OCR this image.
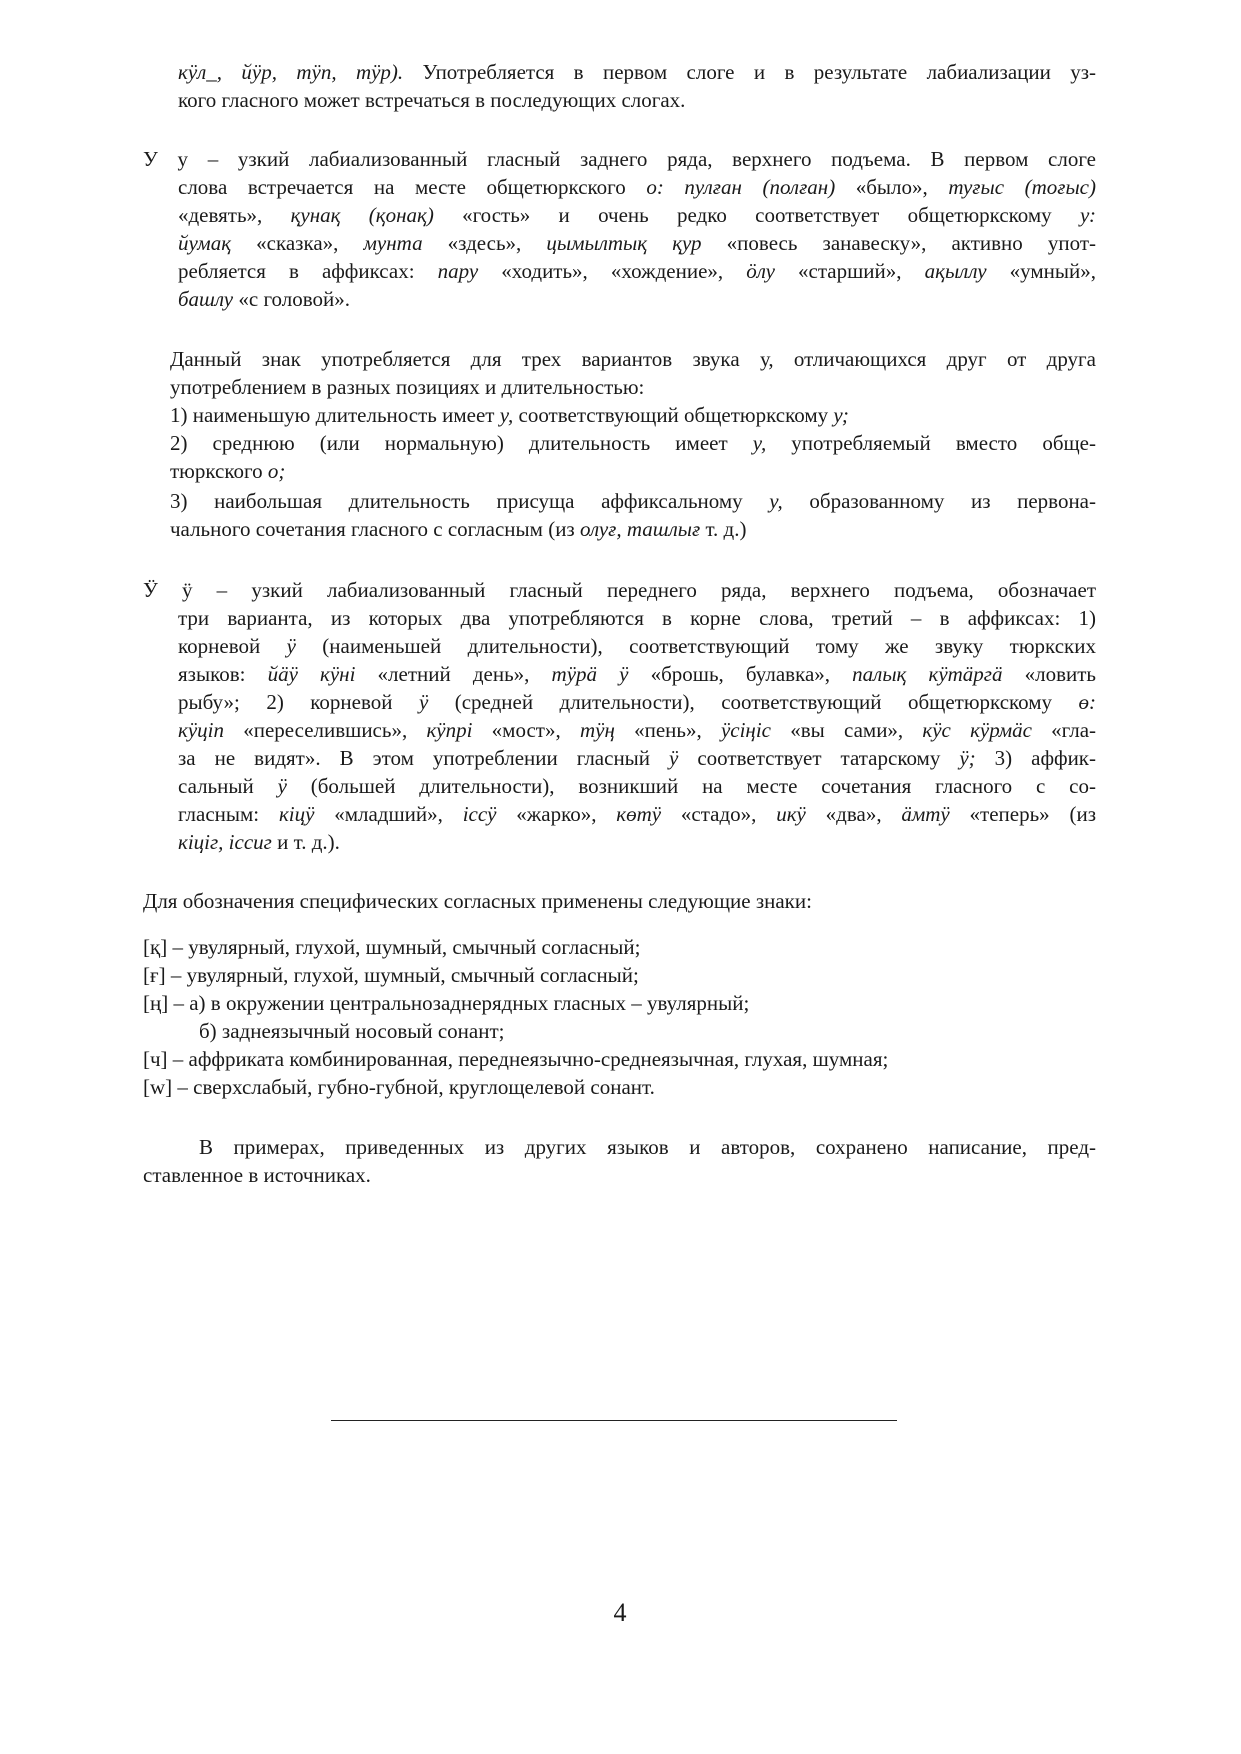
кӱл_, йӱр, тӱп, тӱр). Употребляется в первом слоге и в результате лабиализации уз-
кого гласного может встречаться в последующих слогах.
У у – узкий лабиализованный гласный заднего ряда, верхнего подъема. В первом слоге
слова встречается на месте общетюркского о: пулған (полған) «было», туғыс (тоғыс)
«девять», қунақ (қонақ) «гость» и очень редко соответствует общетюркскому у:
йумақ «сказка», мунта «здесь», цымылтық қур «повесь занавеску», активно упот-
ребляется в аффиксах: пару «ходить», «хождение», ӧлу «старший», ақыллу «умный»,
башлу «с головой».
Данный знак употребляется для трех вариантов звука у, отличающихся друг от друга
употреблением в разных позициях и длительностью:
1) наименьшую длительность имеет у, соответствующий общетюркскому у;
2) среднюю (или нормальную) длительность имеет у, употребляемый вместо обще-
тюркского о;
3) наибольшая длительность присуща аффиксальному у, образованному из первона-
чального сочетания гласного с согласным (из олуғ, ташлығ т. д.)
Ӱ ӱ – узкий лабиализованный гласный переднего ряда, верхнего подъема, обозначает
три варианта, из которых два употребляются в корне слова, третий – в аффиксах: 1)
корневой ӱ (наименьшей длительности), соответствующий тому же звуку тюркских
языков: йäӱ кӱнi «летний день», тӱрä ӱ «брошь, булавка», палық кӱтäргä «ловить
рыбу»; 2) корневой ӱ (средней длительности), соответствующий общетюркскому ө:
кӱцiп «переселившись», кӱпрi «мост», тӱң «пень», ӱсiңiс «вы сами», кӱс кӱрмäс «гла-
за не видят». В этом употреблении гласный ӱ соответствует татарскому ӱ; 3) аффик-
сальный ӱ (большей длительности), возникший на месте сочетания гласного с со-
гласным: кiцӱ «младший», iссӱ «жарко», көтӱ «стадо», икӱ «два», äмтӱ «теперь» (из
кiцiг, iссиг и т. д.).
Для обозначения специфических согласных применены следующие знаки:
[қ] – увулярный, глухой, шумный, смычный согласный;
[ғ] – увулярный, глухой, шумный, смычный согласный;
[ң] – а) в окружении центральнозаднерядных гласных – увулярный;
б) заднеязычный носовый сонант;
[ч] – аффриката комбинированная, переднеязычно-среднеязычная, глухая, шумная;
[w] – сверхслабый, губно-губной, круглощелевой сонант.
В примерах, приведенных из других языков и авторов, сохранено написание, пред-
ставленное в источниках.
4
